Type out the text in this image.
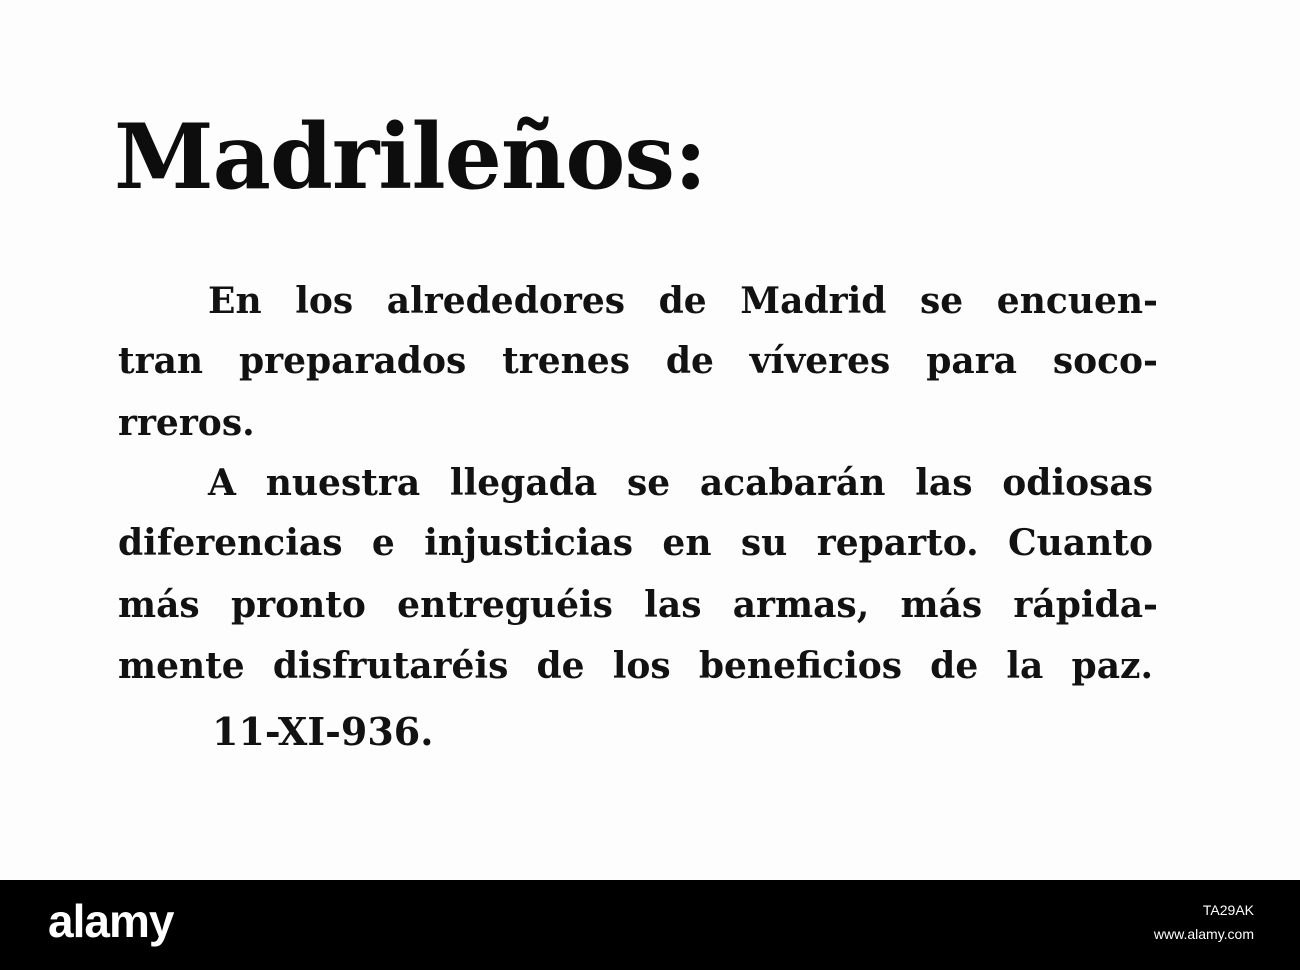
Madrileños:

En los alrededores de Madrid se encuen-

tran preparados trenes de víveres para soco-

rreros.

A nuestra llegada se acabarán las odiosas

diferencias e injusticias en su reparto. Cuanto

más pronto entreguéis las armas, más rápida-

mente disfrutaréis de los beneficios de la paz.

11-XI-936.

alamy	TA29AK
www.alamy.com
